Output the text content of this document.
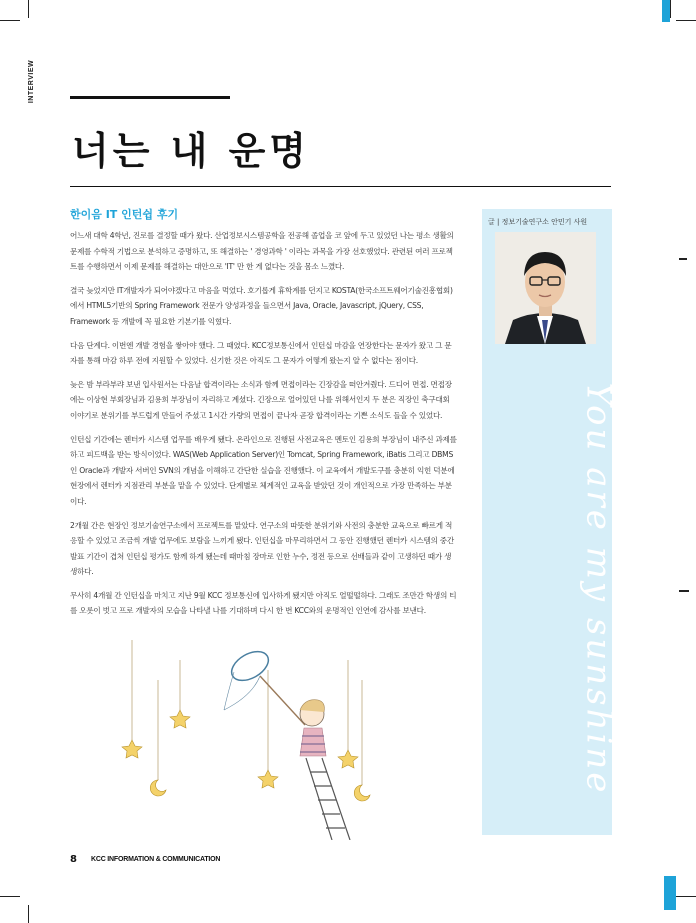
INTERVIEW
너는 내 운명
한이음 IT 인턴쉽 후기

어느새 대학 4학년, 진로를 결정할 때가 왔다. 산업정보시스템공학을 전공해 졸업을 코 앞에 두고 있었던 나는 평소 생활의 문제를 수학적 기법으로 분석하고 증명하고, 또 해결하는 ' 경영과학 ' 이라는 과목을 가장 선호했었다. 관련된 여러 프로젝트를 수행하면서 이제 문제를 해결하는 대안으로 'IT' 만 한 게 없다는 것을 몸소 느꼈다.

결국 늦었지만 IT개발자가 되어야겠다고 마음을 먹었다. 호기롭게 휴학계를 던지고 KOSTA(한국소프트웨어기술진흥협회)에서 HTML5기반의 Spring Framework 전문가 양성과정을 들으면서 Java, Oracle, Javascript, jQuery, CSS, Framework 등 개발에 꼭 필요한 기본기를 익혔다.

다음 단계다. 이번엔 개발 경험을 쌓아야 했다. 그 때였다. KCC정보통신에서 인턴십 마감을 연장한다는 문자가 왔고 그 문자를 통해 마감 하루 전에 지원할 수 있었다. 신기한 것은 아직도 그 문자가 어떻게 왔는지 알 수 없다는 점이다.

늦은 밤 부라부랴 보낸 입사원서는 다음날 합격이라는 소식과 함께 면접이라는 긴장감을 떠안겨줬다. 드디어 면접. 면접장에는 이상현 부회장님과 김용희 부장님이 자리하고 계셨다. 긴장으로 얼어있던 나를 위해서인지 두 분은 직장인 축구대회 이야기로 분위기를 부드럽게 만들어 주셨고 1시간 가량의 면접이 끝나자 곧장 합격이라는 기쁜 소식도 들을 수 있었다.

인턴십 기간에는 렌터카 시스템 업무를 배우게 됐다. 온라인으로 진행된 사전교육은 멘토인 김용희 부장님이 내주신 과제를 하고 피드백을 받는 방식이었다. WAS(Web Application Server)인 Tomcat, Spring Framework, iBatis 그리고 DBMS인 Oracle과 개발자 서버인 SVN의 개념을 이해하고 간단한 실습을 진행했다. 이 교육에서 개발도구를 충분히 익힌 덕분에 현장에서 렌터카 지점관리 부분을 맡을 수 있었다. 단계별로 체계적인 교육을 받았던 것이 개인적으로 가장 만족하는 부분이다.

2개월 간은 현장인 정보기술연구소에서 프로젝트를 맡았다. 연구소의 따뜻한 분위기와 사전의 충분한 교육으로 빠르게 적응할 수 있었고 조금씩 개발 업무에도 보람을 느끼게 됐다. 인턴십을 마무리하면서 그 동안 진행했던 렌터카 시스템의 중간 발표 기간이 겹쳐 인턴십 평가도 함께 하게 됐는데 때마침 장마로 인한 누수, 정전 등으로 선배들과 같이 고생하던 때가 생생하다.

무사히 4개월 간 인턴십을 마치고 지난 9월 KCC 정보통신에 입사하게 됐지만 아직도 얼떨떨하다. 그래도 조만간 학생의 티를 오롯이 벗고 프로 개발자의 모습을 나타낼 나를 기대하며 다시 한 번 KCC와의 운명적인 인연에 감사를 보낸다.

글 | 정보기술연구소 안민기 사원
You are my sunshine
8 KCC INFORMATION & COMMUNICATION
